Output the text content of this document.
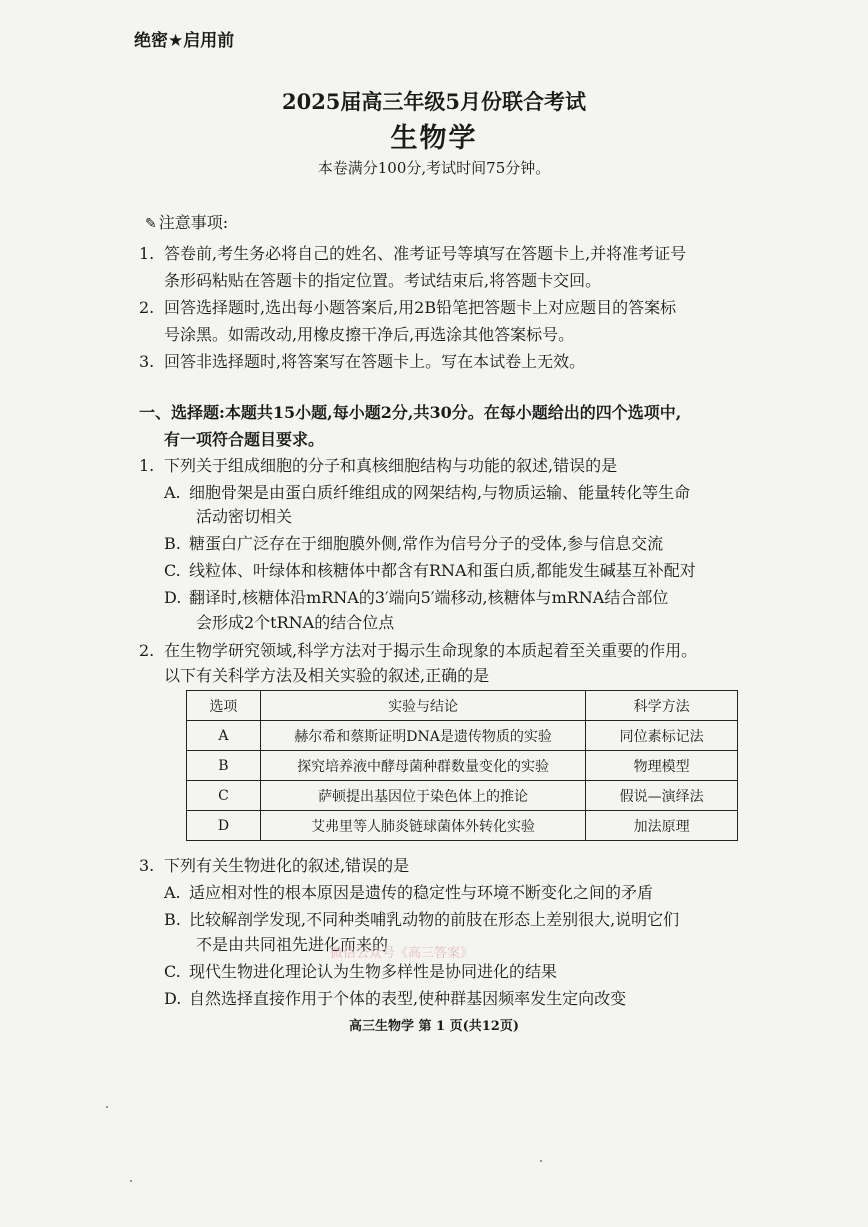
绝密★启用前
2025届高三年级5月份联合考试
生物学
本卷满分100分,考试时间75分钟。
✎ 注意事项:
1. 答卷前,考生务必将自己的姓名、准考证号等填写在答题卡上,并将准考证号
条形码粘贴在答题卡的指定位置。考试结束后,将答题卡交回。
2. 回答选择题时,选出每小题答案后,用2B铅笔把答题卡上对应题目的答案标
号涂黑。如需改动,用橡皮擦干净后,再选涂其他答案标号。
3. 回答非选择题时,将答案写在答题卡上。写在本试卷上无效。
一、选择题:本题共15小题,每小题2分,共30分。在每小题给出的四个选项中,
有一项符合题目要求。
1. 下列关于组成细胞的分子和真核细胞结构与功能的叙述,错误的是
A. 细胞骨架是由蛋白质纤维组成的网架结构,与物质运输、能量转化等生命
活动密切相关
B. 糖蛋白广泛存在于细胞膜外侧,常作为信号分子的受体,参与信息交流
C. 线粒体、叶绿体和核糖体中都含有RNA和蛋白质,都能发生碱基互补配对
D. 翻译时,核糖体沿mRNA的3′端向5′端移动,核糖体与mRNA结合部位
会形成2个tRNA的结合位点
2. 在生物学研究领域,科学方法对于揭示生命现象的本质起着至关重要的作用。
以下有关科学方法及相关实验的叙述,正确的是
选项	实验与结论	科学方法
A	赫尔希和蔡斯证明DNA是遗传物质的实验	同位素标记法
B	探究培养液中酵母菌种群数量变化的实验	物理模型
C	萨顿提出基因位于染色体上的推论	假说—演绎法
D	艾弗里等人肺炎链球菌体外转化实验	加法原理
3. 下列有关生物进化的叙述,错误的是
A. 适应相对性的根本原因是遗传的稳定性与环境不断变化之间的矛盾
B. 比较解剖学发现,不同种类哺乳动物的前肢在形态上差别很大,说明它们
不是由共同祖先进化而来的
微信公众号《高三答案》
C. 现代生物进化理论认为生物多样性是协同进化的结果
D. 自然选择直接作用于个体的表型,使种群基因频率发生定向改变
高三生物学 第 1 页(共12页)
